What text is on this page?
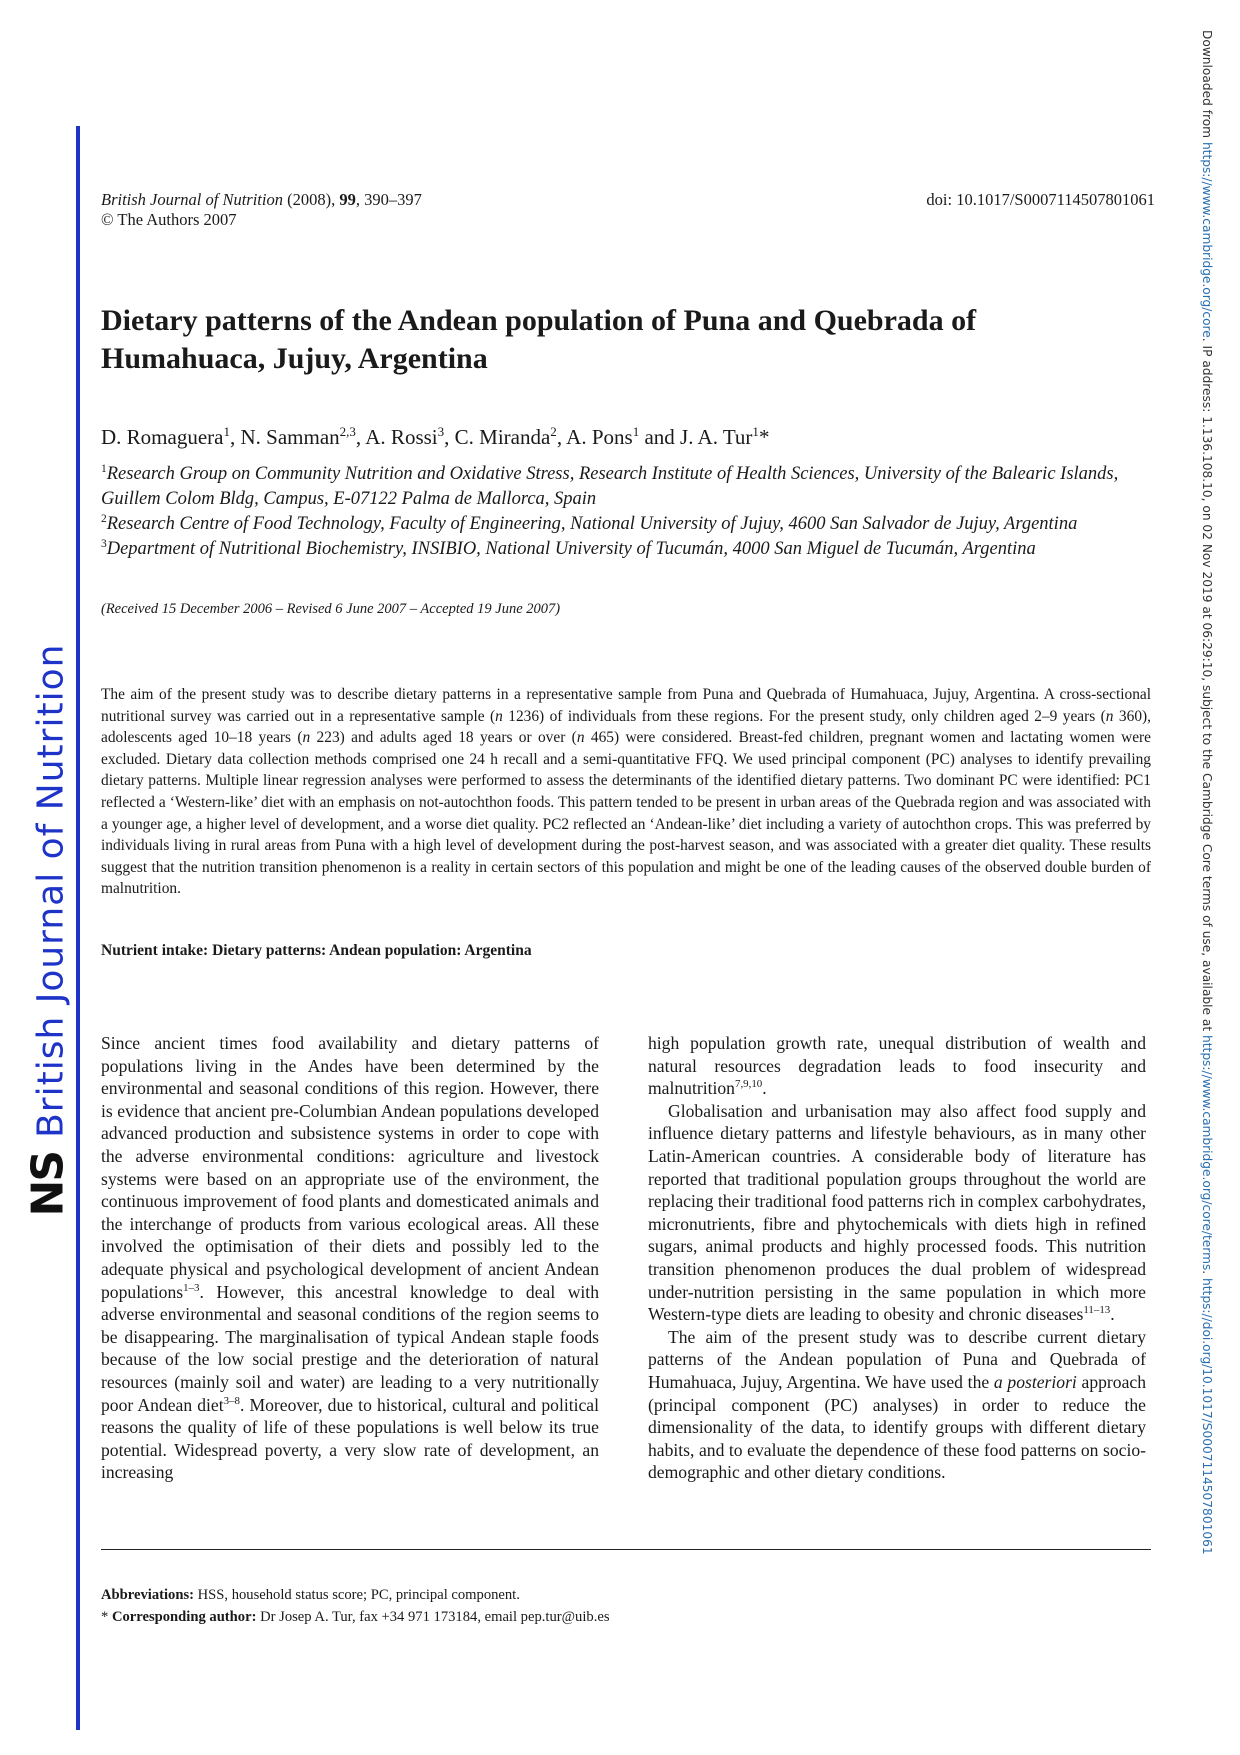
NSBritish Journal of Nutrition
Downloaded from https://www.cambridge.org/core. IP address: 1.136.108.10, on 02 Nov 2019 at 06:29:10, subject to the Cambridge Core terms of use, available at https://www.cambridge.org/core/terms. https://doi.org/10.1017/S0007114507801061
British Journal of Nutrition (2008), 99, 390–397
© The Authors 2007
doi: 10.1017/S0007114507801061
Dietary patterns of the Andean population of Puna and Quebrada of Humahuaca, Jujuy, Argentina
D. Romaguera$^1$, N. Samman$^{2,3}$, A. Rossi$^3$, C. Miranda$^2$, A. Pons$^1$ and J. A. Tur$^1$*

$^1$Research Group on Community Nutrition and Oxidative Stress, Research Institute of Health Sciences, University of the Balearic Islands, Guillem Colom Bldg, Campus, E-07122 Palma de Mallorca, Spain

$^2$Research Centre of Food Technology, Faculty of Engineering, National University of Jujuy, 4600 San Salvador de Jujuy, Argentina

$^3$Department of Nutritional Biochemistry, INSIBIO, National University of Tucumán, 4000 San Miguel de Tucumán, Argentina

(Received 15 December 2006 – Revised 6 June 2007 – Accepted 19 June 2007)
The aim of the present study was to describe dietary patterns in a representative sample from Puna and Quebrada of Humahuaca, Jujuy, Argentina. A cross-sectional nutritional survey was carried out in a representative sample (n 1236) of individuals from these regions. For the present study, only children aged 2–9 years (n 360), adolescents aged 10–18 years (n 223) and adults aged 18 years or over (n 465) were considered. Breast-fed children, pregnant women and lactating women were excluded. Dietary data collection methods comprised one 24 h recall and a semi-quantitative FFQ. We used principal component (PC) analyses to identify prevailing dietary patterns. Multiple linear regression analyses were performed to assess the determinants of the identified dietary patterns. Two dominant PC were identified: PC1 reflected a ‘Western-like’ diet with an emphasis on not-autochthon foods. This pattern tended to be present in urban areas of the Quebrada region and was associated with a younger age, a higher level of development, and a worse diet quality. PC2 reflected an ‘Andean-like’ diet including a variety of autochthon crops. This was preferred by individuals living in rural areas from Puna with a high level of development during the post-harvest season, and was associated with a greater diet quality. These results suggest that the nutrition transition phenomenon is a reality in certain sectors of this population and might be one of the leading causes of the observed double burden of malnutrition.
Nutrient intake: Dietary patterns: Andean population: Argentina

Since ancient times food availability and dietary patterns of populations living in the Andes have been determined by the environmental and seasonal conditions of this region. However, there is evidence that ancient pre-Columbian Andean populations developed advanced production and subsistence systems in order to cope with the adverse environmental conditions: agriculture and livestock systems were based on an appropriate use of the environment, the continuous improvement of food plants and domesticated animals and the interchange of products from various ecological areas. All these involved the optimisation of their diets and possibly led to the adequate physical and psychological development of ancient Andean populations$^{1-3}$. However, this ancestral knowledge to deal with adverse environmental and seasonal conditions of the region seems to be disappearing. The marginalisation of typical Andean staple foods because of the low social prestige and the deterioration of natural resources (mainly soil and water) are leading to a very nutritionally poor Andean diet$^{3-8}$. Moreover, due to historical, cultural and political reasons the quality of life of these populations is well below its true potential. Widespread poverty, a very slow rate of development, an increasing

high population growth rate, unequal distribution of wealth and natural resources degradation leads to food insecurity and malnutrition$^{7,9,10}$.

Globalisation and urbanisation may also affect food supply and influence dietary patterns and lifestyle behaviours, as in many other Latin-American countries. A considerable body of literature has reported that traditional population groups throughout the world are replacing their traditional food patterns rich in complex carbohydrates, micronutrients, fibre and phytochemicals with diets high in refined sugars, animal products and highly processed foods. This nutrition transition phenomenon produces the dual problem of widespread under-nutrition persisting in the same population in which more Western-type diets are leading to obesity and chronic diseases$^{11-13}$.

The aim of the present study was to describe current dietary patterns of the Andean population of Puna and Quebrada of Humahuaca, Jujuy, Argentina. We have used the a posteriori approach (principal component (PC) analyses) in order to reduce the dimensionality of the data, to identify groups with different dietary habits, and to evaluate the dependence of these food patterns on socio-demographic and other dietary conditions.

Abbreviations: HSS, household status score; PC, principal component.

* Corresponding author: Dr Josep A. Tur, fax +34 971 173184, email pep.tur@uib.es
